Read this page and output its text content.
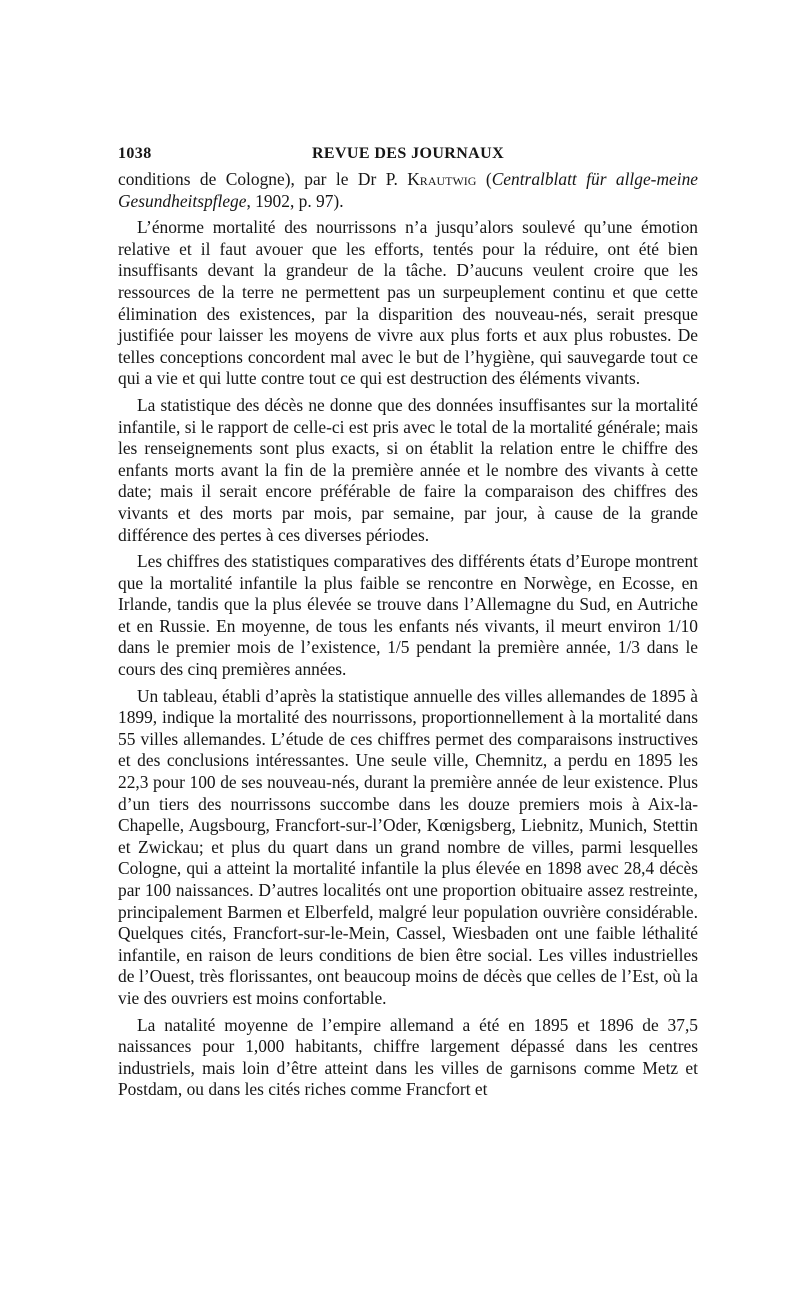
1038	REVUE DES JOURNAUX

conditions de Cologne), par le Dr P. Krautwig (Centralblatt für allge-meine Gesundheitspflege, 1902, p. 97).

L’énorme mortalité des nourrissons n’a jusqu’alors soulevé qu’une émotion relative et il faut avouer que les efforts, tentés pour la réduire, ont été bien insuffisants devant la grandeur de la tâche. D’aucuns veulent croire que les ressources de la terre ne permettent pas un surpeuplement continu et que cette élimination des existences, par la disparition des nouveau-nés, serait presque justifiée pour laisser les moyens de vivre aux plus forts et aux plus robustes. De telles conceptions concordent mal avec le but de l’hygiène, qui sauvegarde tout ce qui a vie et qui lutte contre tout ce qui est destruction des éléments vivants.

La statistique des décès ne donne que des données insuffisantes sur la mortalité infantile, si le rapport de celle-ci est pris avec le total de la mortalité générale; mais les renseignements sont plus exacts, si on établit la relation entre le chiffre des enfants morts avant la fin de la première année et le nombre des vivants à cette date; mais il serait encore préférable de faire la comparaison des chiffres des vivants et des morts par mois, par semaine, par jour, à cause de la grande différence des pertes à ces diverses périodes.

Les chiffres des statistiques comparatives des différents états d’Europe montrent que la mortalité infantile la plus faible se rencontre en Norwège, en Ecosse, en Irlande, tandis que la plus élevée se trouve dans l’Allemagne du Sud, en Autriche et en Russie. En moyenne, de tous les enfants nés vivants, il meurt environ 1/10 dans le premier mois de l’existence, 1/5 pendant la première année, 1/3 dans le cours des cinq premières années.

Un tableau, établi d’après la statistique annuelle des villes allemandes de 1895 à 1899, indique la mortalité des nourrissons, proportionnellement à la mortalité dans 55 villes allemandes. L’étude de ces chiffres permet des comparaisons instructives et des conclusions intéressantes. Une seule ville, Chemnitz, a perdu en 1895 les 22,3 pour 100 de ses nouveau-nés, durant la première année de leur existence. Plus d’un tiers des nourrissons succombe dans les douze premiers mois à Aix-la-Chapelle, Augsbourg, Francfort-sur-l’Oder, Kœnigsberg, Liebnitz, Munich, Stettin et Zwickau; et plus du quart dans un grand nombre de villes, parmi lesquelles Cologne, qui a atteint la mortalité infantile la plus élevée en 1898 avec 28,4 décès par 100 naissances. D’autres localités ont une proportion obituaire assez restreinte, principalement Barmen et Elberfeld, malgré leur population ouvrière considérable. Quelques cités, Francfort-sur-le-Mein, Cassel, Wiesbaden ont une faible léthalité infantile, en raison de leurs conditions de bien être social. Les villes industrielles de l’Ouest, très florissantes, ont beaucoup moins de décès que celles de l’Est, où la vie des ouvriers est moins confortable.

La natalité moyenne de l’empire allemand a été en 1895 et 1896 de 37,5 naissances pour 1,000 habitants, chiffre largement dépassé dans les centres industriels, mais loin d’être atteint dans les villes de garnisons comme Metz et Postdam, ou dans les cités riches comme Francfort et
